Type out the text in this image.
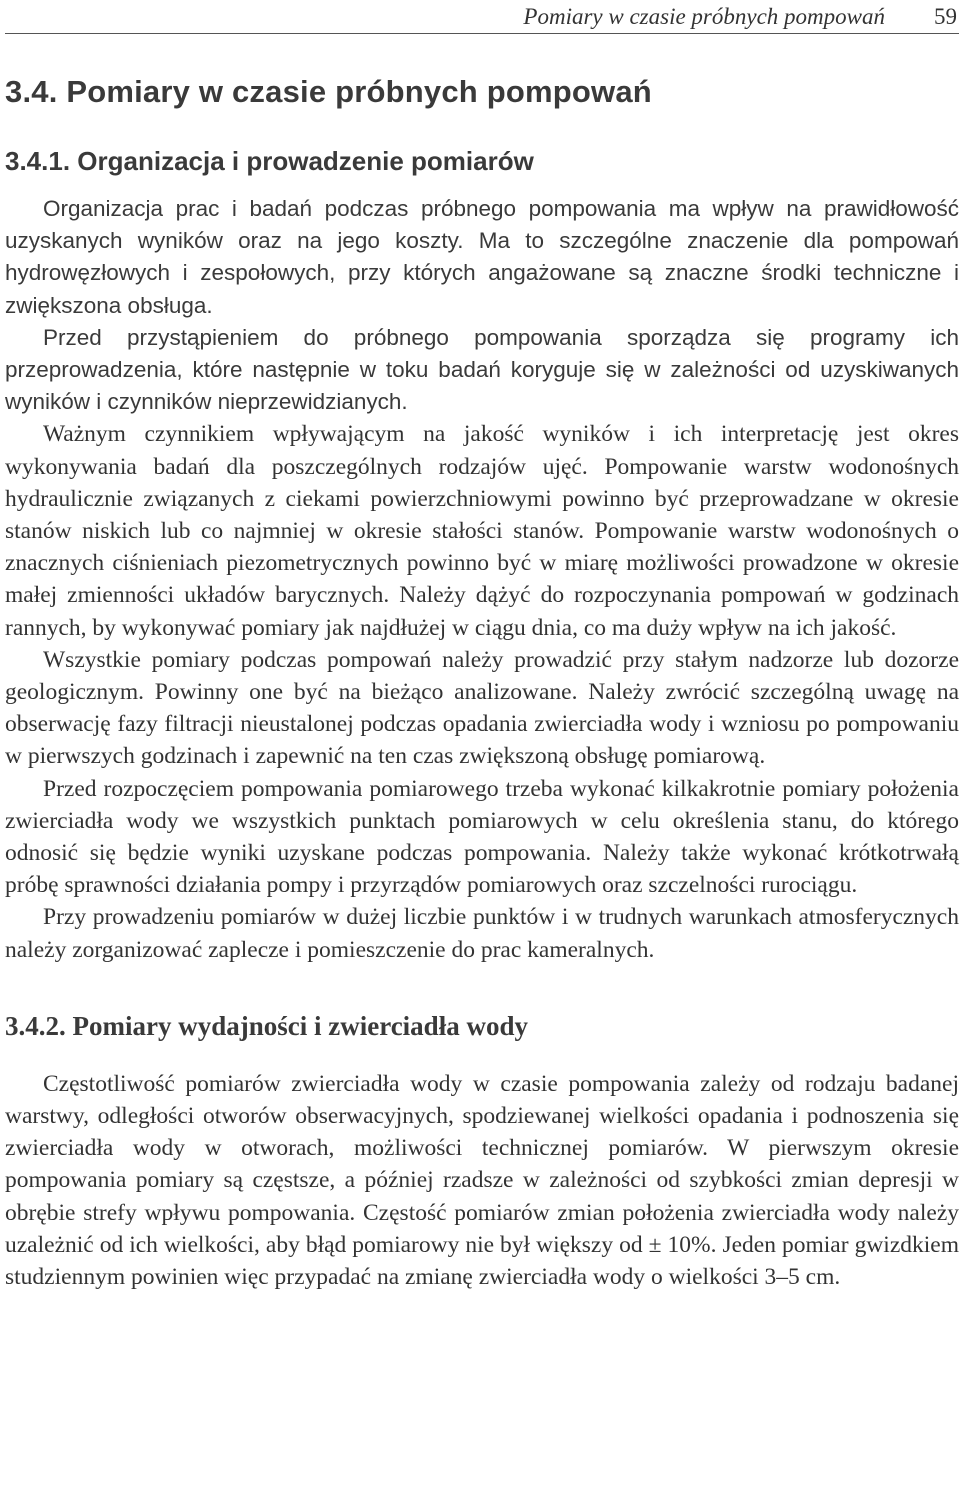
Pomiary w czasie próbnych pompowań 59
3.4. Pomiary w czasie próbnych pompowań
3.4.1. Organizacja i prowadzenie pomiarów

Organizacja prac i badań podczas próbnego pompowania ma wpływ na prawidłowość uzyskanych wyników oraz na jego koszty. Ma to szczególne znaczenie dla pompowań hydrowęzłowych i zespołowych, przy których angażowane są znaczne środki techniczne i zwiększona obsługa.

Przed przystąpieniem do próbnego pompowania sporządza się programy ich przeprowadzenia, które następnie w toku badań koryguje się w zależności od uzyskiwanych wyników i czynników nieprzewidzianych.

Ważnym czynnikiem wpływającym na jakość wyników i ich interpretację jest okres wykonywania badań dla poszczególnych rodzajów ujęć. Pompowanie warstw wodonośnych hydraulicznie związanych z ciekami powierzchniowymi powinno być przeprowadzane w okresie stanów niskich lub co najmniej w okresie stałości stanów. Pompowanie warstw wodonośnych o znacznych ciśnieniach piezometrycznych powinno być w miarę możliwości prowadzone w okresie małej zmienności układów barycznych. Należy dążyć do rozpoczynania pompowań w godzinach rannych, by wykonywać pomiary jak najdłużej w ciągu dnia, co ma duży wpływ na ich jakość.

Wszystkie pomiary podczas pompowań należy prowadzić przy stałym nadzorze lub dozorze geologicznym. Powinny one być na bieżąco analizowane. Należy zwrócić szczególną uwagę na obserwację fazy filtracji nieustalonej podczas opadania zwierciadła wody i wzniosu po pompowaniu w pierwszych godzinach i zapewnić na ten czas zwiększoną obsługę pomiarową.

Przed rozpoczęciem pompowania pomiarowego trzeba wykonać kilkakrotnie pomiary położenia zwierciadła wody we wszystkich punktach pomiarowych w celu określenia stanu, do którego odnosić się będzie wyniki uzyskane podczas pompowania. Należy także wykonać krótkotrwałą próbę sprawności działania pompy i przyrządów pomiarowych oraz szczelności rurociągu.

Przy prowadzeniu pomiarów w dużej liczbie punktów i w trudnych warunkach atmosferycznych należy zorganizować zaplecze i pomieszczenie do prac kameralnych.

3.4.2. Pomiary wydajności i zwierciadła wody

Częstotliwość pomiarów zwierciadła wody w czasie pompowania zależy od rodzaju badanej warstwy, odległości otworów obserwacyjnych, spodziewanej wielkości opadania i podnoszenia się zwierciadła wody w otworach, możliwości technicznej pomiarów. W pierwszym okresie pompowania pomiary są częstsze, a później rzadsze w zależności od szybkości zmian depresji w obrębie strefy wpływu pompowania. Częstość pomiarów zmian położenia zwierciadła wody należy uzależnić od ich wielkości, aby błąd pomiarowy nie był większy od ± 10%. Jeden pomiar gwizdkiem studziennym powinien więc przypadać na zmianę zwierciadła wody o wielkości 3–5 cm.
